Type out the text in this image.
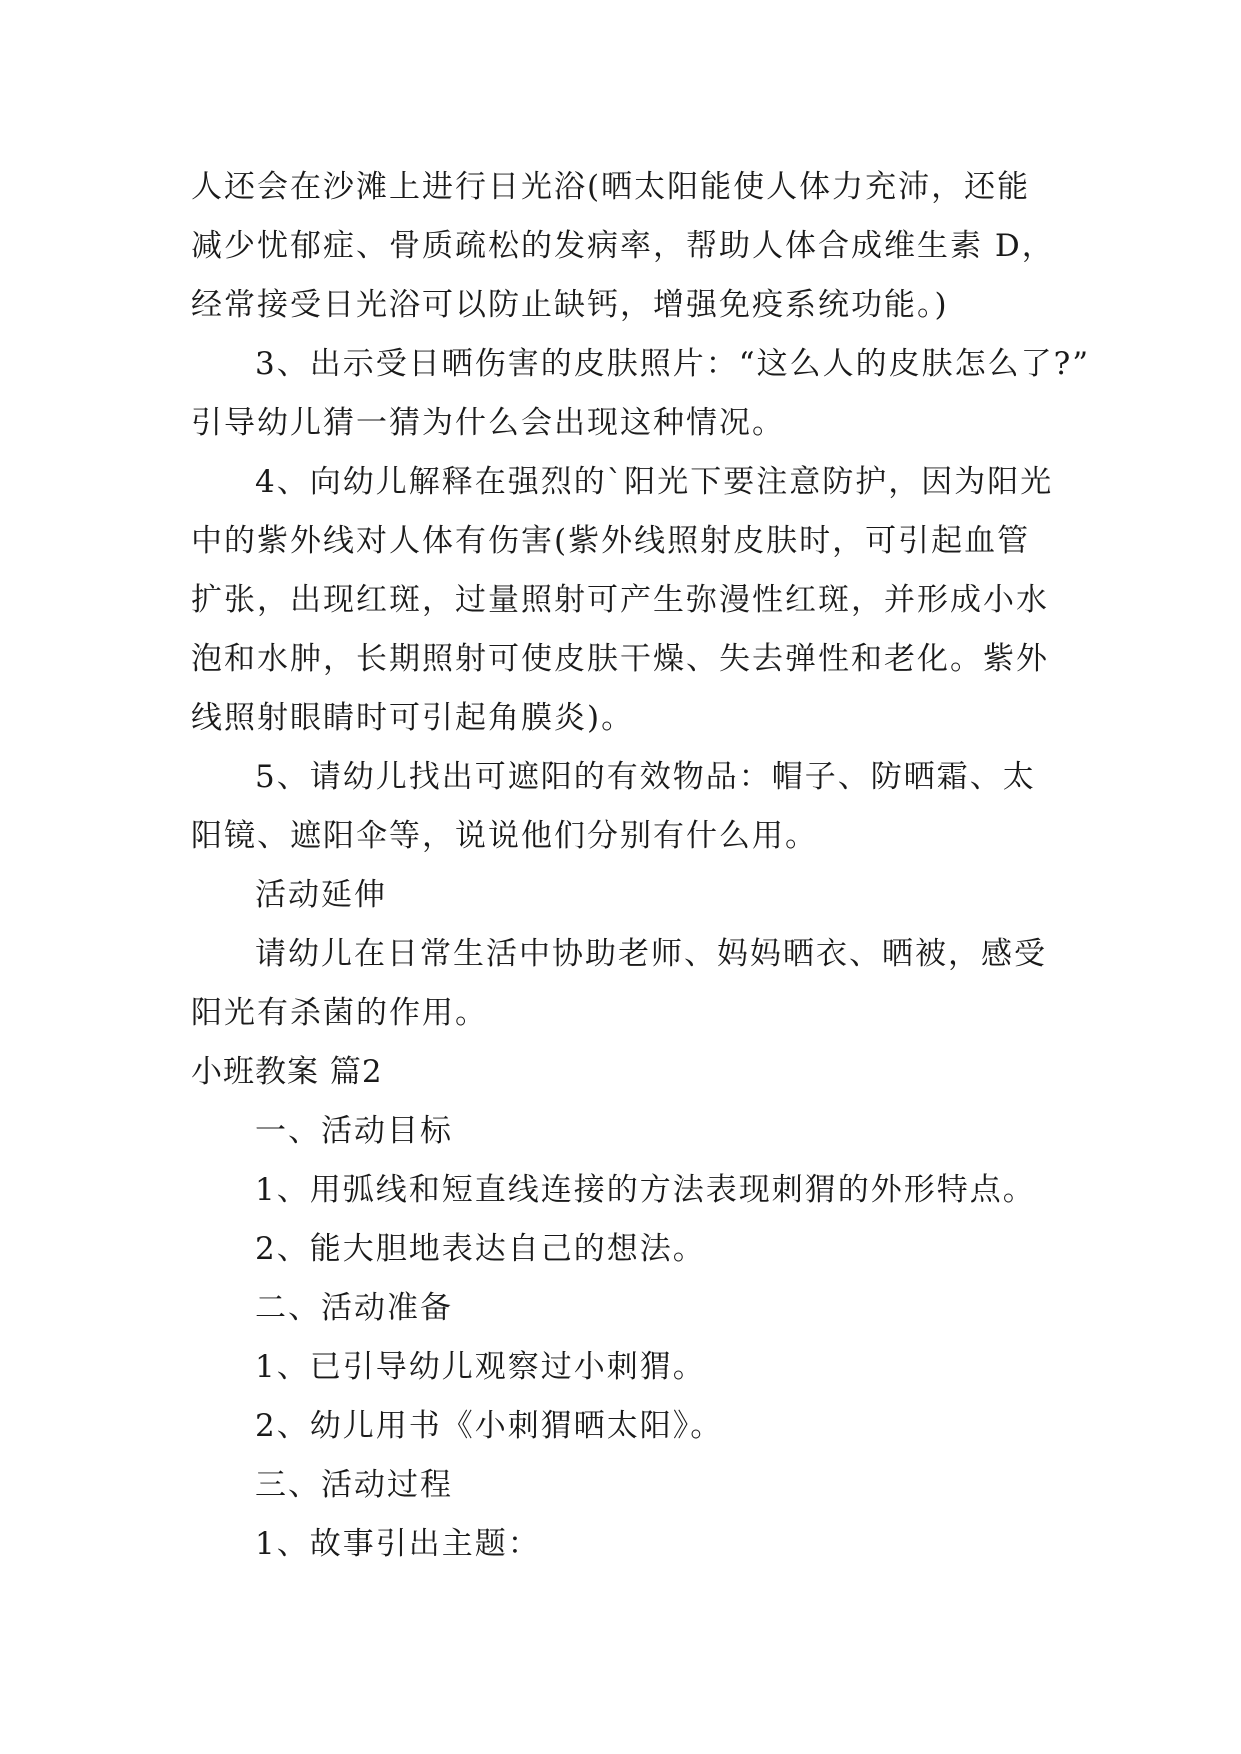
人还会在沙滩上进行日光浴(晒太阳能使人体力充沛，还能
减少忧郁症、骨质疏松的发病率，帮助人体合成维生素 D，
经常接受日光浴可以防止缺钙，增强免疫系统功能。)
3、出示受日晒伤害的皮肤照片：“这么人的皮肤怎么了?”
引导幼儿猜一猜为什么会出现这种情况。
4、向幼儿解释在强烈的`阳光下要注意防护，因为阳光
中的紫外线对人体有伤害(紫外线照射皮肤时，可引起血管
扩张，出现红斑，过量照射可产生弥漫性红斑，并形成小水
泡和水肿，长期照射可使皮肤干燥、失去弹性和老化。紫外
线照射眼睛时可引起角膜炎)。
5、请幼儿找出可遮阳的有效物品：帽子、防晒霜、太
阳镜、遮阳伞等，说说他们分别有什么用。
活动延伸
请幼儿在日常生活中协助老师、妈妈晒衣、晒被，感受
阳光有杀菌的作用。
小班教案 篇2
一、活动目标
1、用弧线和短直线连接的方法表现刺猬的外形特点。
2、能大胆地表达自己的想法。
二、活动准备
1、已引导幼儿观察过小刺猬。
2、幼儿用书《小刺猬晒太阳》。
三、活动过程
1、故事引出主题：
